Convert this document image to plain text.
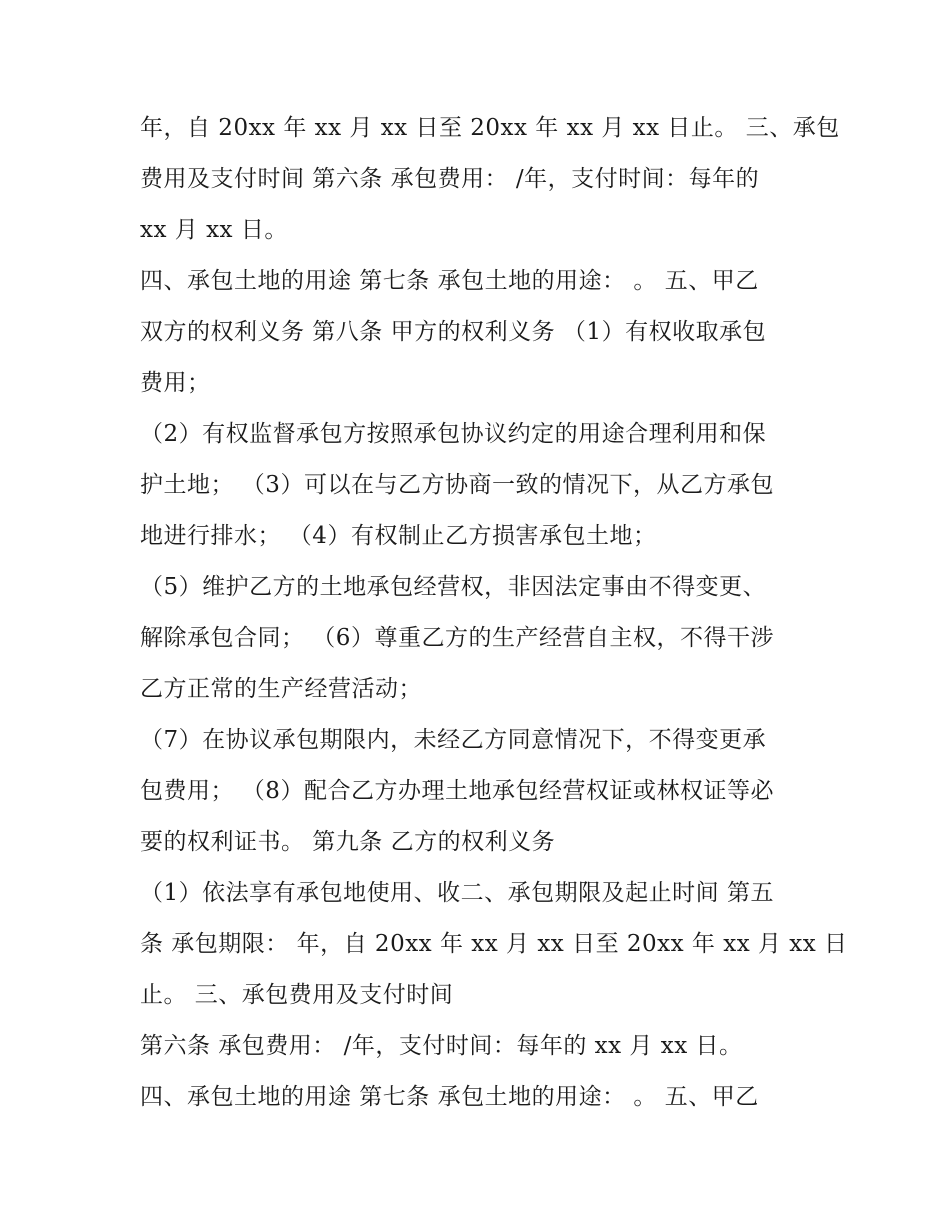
年，自 20xx 年 xx 月 xx 日至 20xx 年 xx 月 xx 日止。 三、承包
费用及支付时间 第六条 承包费用： /年，支付时间：每年的
xx 月 xx 日。
四、承包土地的用途 第七条 承包土地的用途： 。 五、甲乙
双方的权利义务 第八条 甲方的权利义务 （1）有权收取承包
费用；
（2）有权监督承包方按照承包协议约定的用途合理利用和保
护土地； （3）可以在与乙方协商一致的情况下，从乙方承包
地进行排水； （4）有权制止乙方损害承包土地；
（5）维护乙方的土地承包经营权，非因法定事由不得变更、
解除承包合同； （6）尊重乙方的生产经营自主权，不得干涉
乙方正常的生产经营活动；
（7）在协议承包期限内，未经乙方同意情况下，不得变更承
包费用； （8）配合乙方办理土地承包经营权证或林权证等必
要的权利证书。 第九条 乙方的权利义务
（1）依法享有承包地使用、收二、承包期限及起止时间 第五
条 承包期限： 年，自 20xx 年 xx 月 xx 日至 20xx 年 xx 月 xx 日
止。 三、承包费用及支付时间
第六条 承包费用： /年，支付时间：每年的 xx 月 xx 日。
四、承包土地的用途 第七条 承包土地的用途： 。 五、甲乙
